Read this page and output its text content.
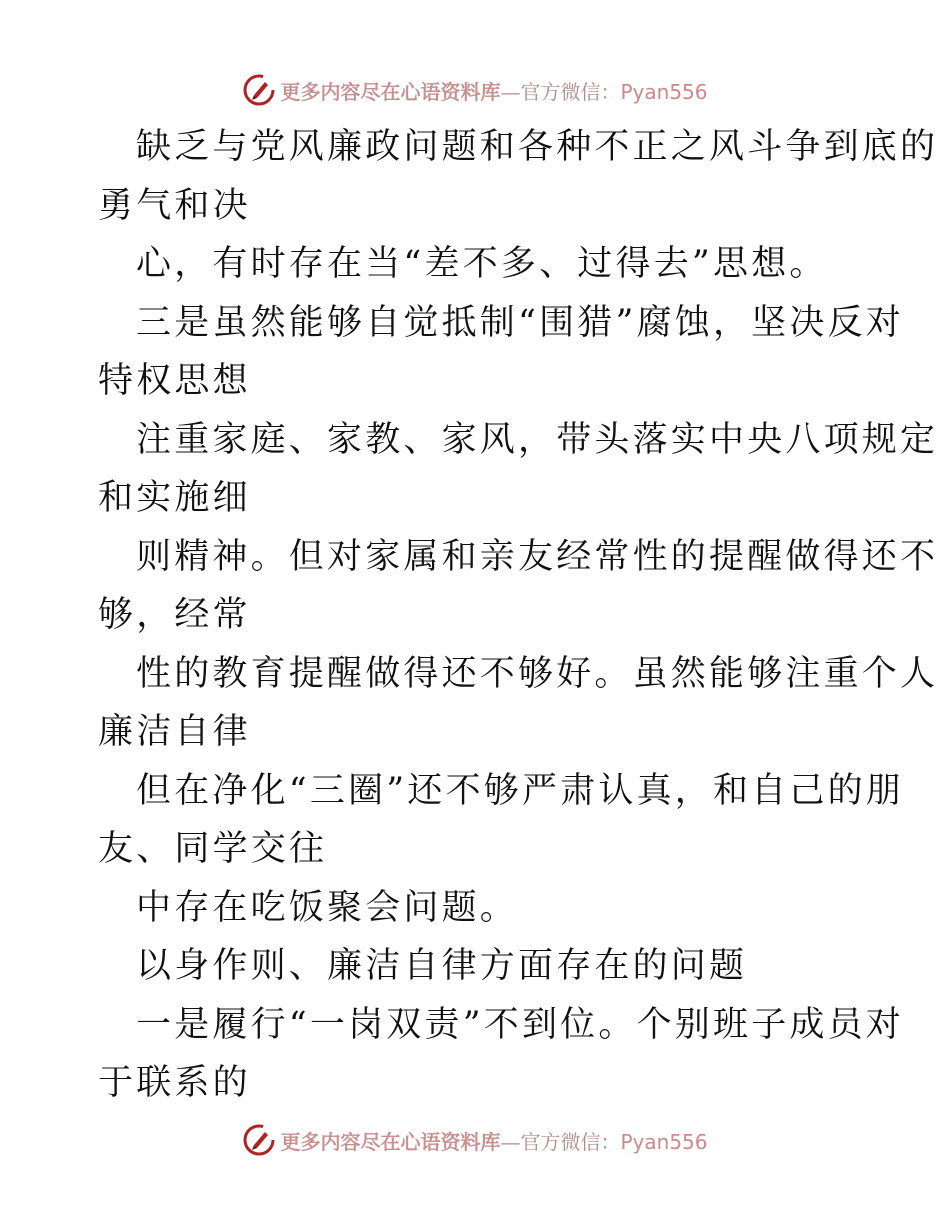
更多内容尽在心语资料库—官方微信：Pyan556
缺乏与党风廉政问题和各种不正之风斗争到底的
勇气和决
心，有时存在当“差不多、过得去”思想。
三是虽然能够自觉抵制“围猎”腐蚀，坚决反对
特权思想
注重家庭、家教、家风，带头落实中央八项规定
和实施细
则精神。但对家属和亲友经常性的提醒做得还不
够，经常
性的教育提醒做得还不够好。虽然能够注重个人
廉洁自律
但在净化“三圈”还不够严肃认真，和自己的朋
友、同学交往
中存在吃饭聚会问题。
以身作则、廉洁自律方面存在的问题
一是履行“一岗双责”不到位。个别班子成员对
于联系的
更多内容尽在心语资料库—官方微信：Pyan556
